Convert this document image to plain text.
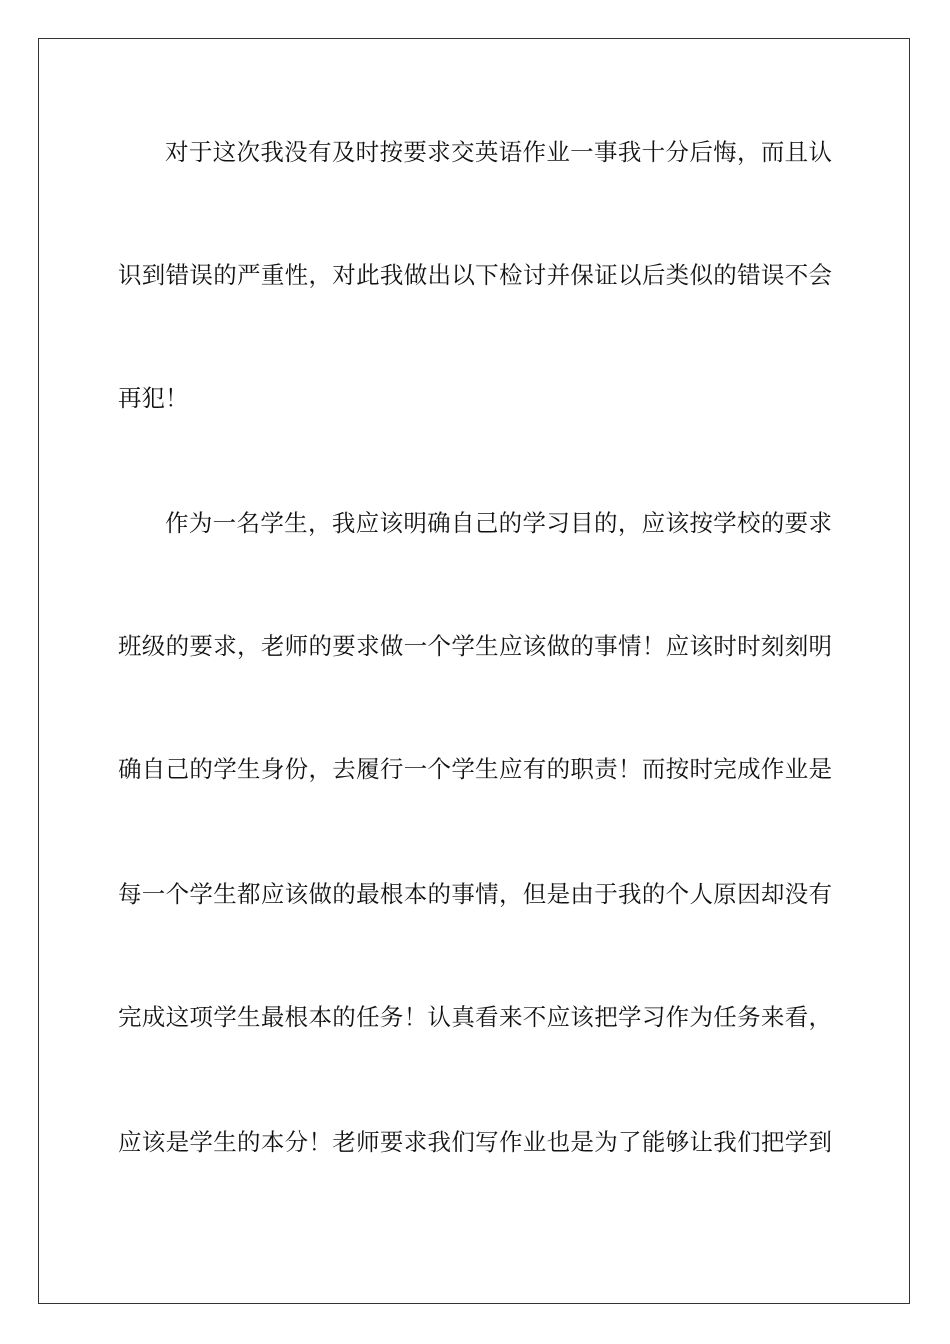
对于这次我没有及时按要求交英语作业一事我十分后悔，而且认
识到错误的严重性，对此我做出以下检讨并保证以后类似的错误不会
再犯！
作为一名学生，我应该明确自己的学习目的，应该按学校的要求
班级的要求，老师的要求做一个学生应该做的事情！应该时时刻刻明
确自己的学生身份，去履行一个学生应有的职责！而按时完成作业是
每一个学生都应该做的最根本的事情，但是由于我的个人原因却没有
完成这项学生最根本的任务！认真看来不应该把学习作为任务来看，
应该是学生的本分！老师要求我们写作业也是为了能够让我们把学到
